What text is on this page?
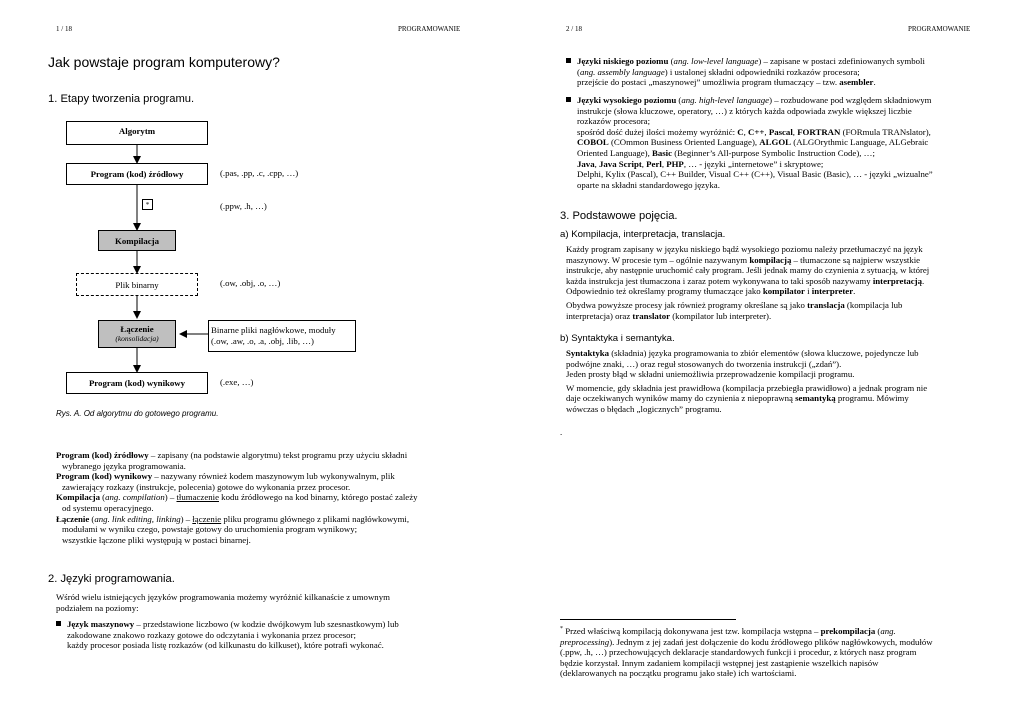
1 / 18	PROGRAMOWANIE
Jak powstaje program komputerowy?
1. Etapy tworzenia programu.
Algorytm
Program (kod) źródłowy	(.pas, .pp, .c, .cpp, …)
*	(.ppw, .h, …)
Kompilacja
Plik binarny	(.ow, .obj, .o, …)
Łączenie
(konsolidacja)
Binarne pliki nagłówkowe, moduły
(.ow, .aw, .o, .a, .obj, .lib, …)
Program (kod) wynikowy	(.exe, …)
Rys. A. Od algorytmu do gotowego programu.
Program (kod) źródłowy – zapisany (na podstawie algorytmu) tekst programu przy użyciu składni
wybranego języka programowania.
Program (kod) wynikowy – nazywany również kodem maszynowym lub wykonywalnym, plik
zawierający rozkazy (instrukcje, polecenia) gotowe do wykonania przez procesor.
Kompilacja (ang. compilation) – tłumaczenie kodu źródłowego na kod binarny, którego postać zależy
od systemu operacyjnego.
Łączenie (ang. link editing, linking) – łączenie pliku programu głównego z plikami nagłówkowymi,
modułami w wyniku czego, powstaje gotowy do uruchomienia program wynikowy;
wszystkie łączone pliki występują w postaci binarnej.
2. Języki programowania.
Wśród wielu istniejących języków programowania możemy wyróżnić kilkanaście z umownym
podziałem na poziomy:
Język maszynowy – przedstawione liczbowo (w kodzie dwójkowym lub szesnastkowym) lub
zakodowane znakowo rozkazy gotowe do odczytania i wykonania przez procesor;
każdy procesor posiada listę rozkazów (od kilkunastu do kilkuset), które potrafi wykonać.
2 / 18	PROGRAMOWANIE
Języki niskiego poziomu (ang. low-level language) – zapisane w postaci zdefiniowanych symboli
(ang. assembly language) i ustalonej składni odpowiedniki rozkazów procesora;
przejście do postaci „maszynowej” umożliwia program tłumaczący – tzw. asembler.
Języki wysokiego poziomu (ang. high-level language) – rozbudowane pod względem składniowym
instrukcje (słowa kluczowe, operatory, …) z których każda odpowiada zwykle większej liczbie
rozkazów procesora;
spośród dość dużej ilości możemy wyróżnić: C, C++, Pascal, FORTRAN (FORmula TRANslator),
COBOL (COmmon Business Oriented Language), ALGOL (ALGOrythmic Language, ALGebraic
Oriented Language), Basic (Beginner’s All-purpose Symbolic Instruction Code), …;
Java, Java Script, Perl, PHP, … - języki „internetowe” i skryptowe;
Delphi, Kylix (Pascal), C++ Builder, Visual C++ (C++), Visual Basic (Basic), … - języki „wizualne”
oparte na składni standardowego języka.
3. Podstawowe pojęcia.
a) Kompilacja, interpretacja, translacja.
Każdy program zapisany w języku niskiego bądź wysokiego poziomu należy przetłumaczyć na język
maszynowy. W procesie tym – ogólnie nazywanym kompilacją – tłumaczone są najpierw wszystkie
instrukcje, aby następnie uruchomić cały program. Jeśli jednak mamy do czynienia z sytuacją, w której
każda instrukcja jest tłumaczona i zaraz potem wykonywana to taki sposób nazywamy interpretacją.
Odpowiednio też określamy programy tłumaczące jako kompilator i interpreter.
Obydwa powyższe procesy jak również programy określane są jako translacja (kompilacja lub
interpretacja) oraz translator (kompilator lub interpreter).
b) Syntaktyka i semantyka.
Syntaktyka (składnia) języka programowania to zbiór elementów (słowa kluczowe, pojedyncze lub
podwójne znaki, …) oraz reguł stosowanych do tworzenia instrukcji („zdań”).
Jeden prosty błąd w składni uniemożliwia przeprowadzenie kompilacji programu.
W momencie, gdy składnia jest prawidłowa (kompilacja przebiegła prawidłowo) a jednak program nie
daje oczekiwanych wyników mamy do czynienia z niepoprawną semantyką programu. Mówimy
wówczas o błędach „logicznych” programu.
.
* Przed właściwą kompilacją dokonywana jest tzw. kompilacja wstępna – prekompilacja (ang.
preprocessing). Jednym z jej zadań jest dołączenie do kodu źródłowego plików nagłówkowych, modułów
(.ppw, .h, …) przechowujących deklaracje standardowych funkcji i procedur, z których nasz program
będzie korzystał. Innym zadaniem kompilacji wstępnej jest zastąpienie wszelkich napisów
(deklarowanych na początku programu jako stałe) ich wartościami.
